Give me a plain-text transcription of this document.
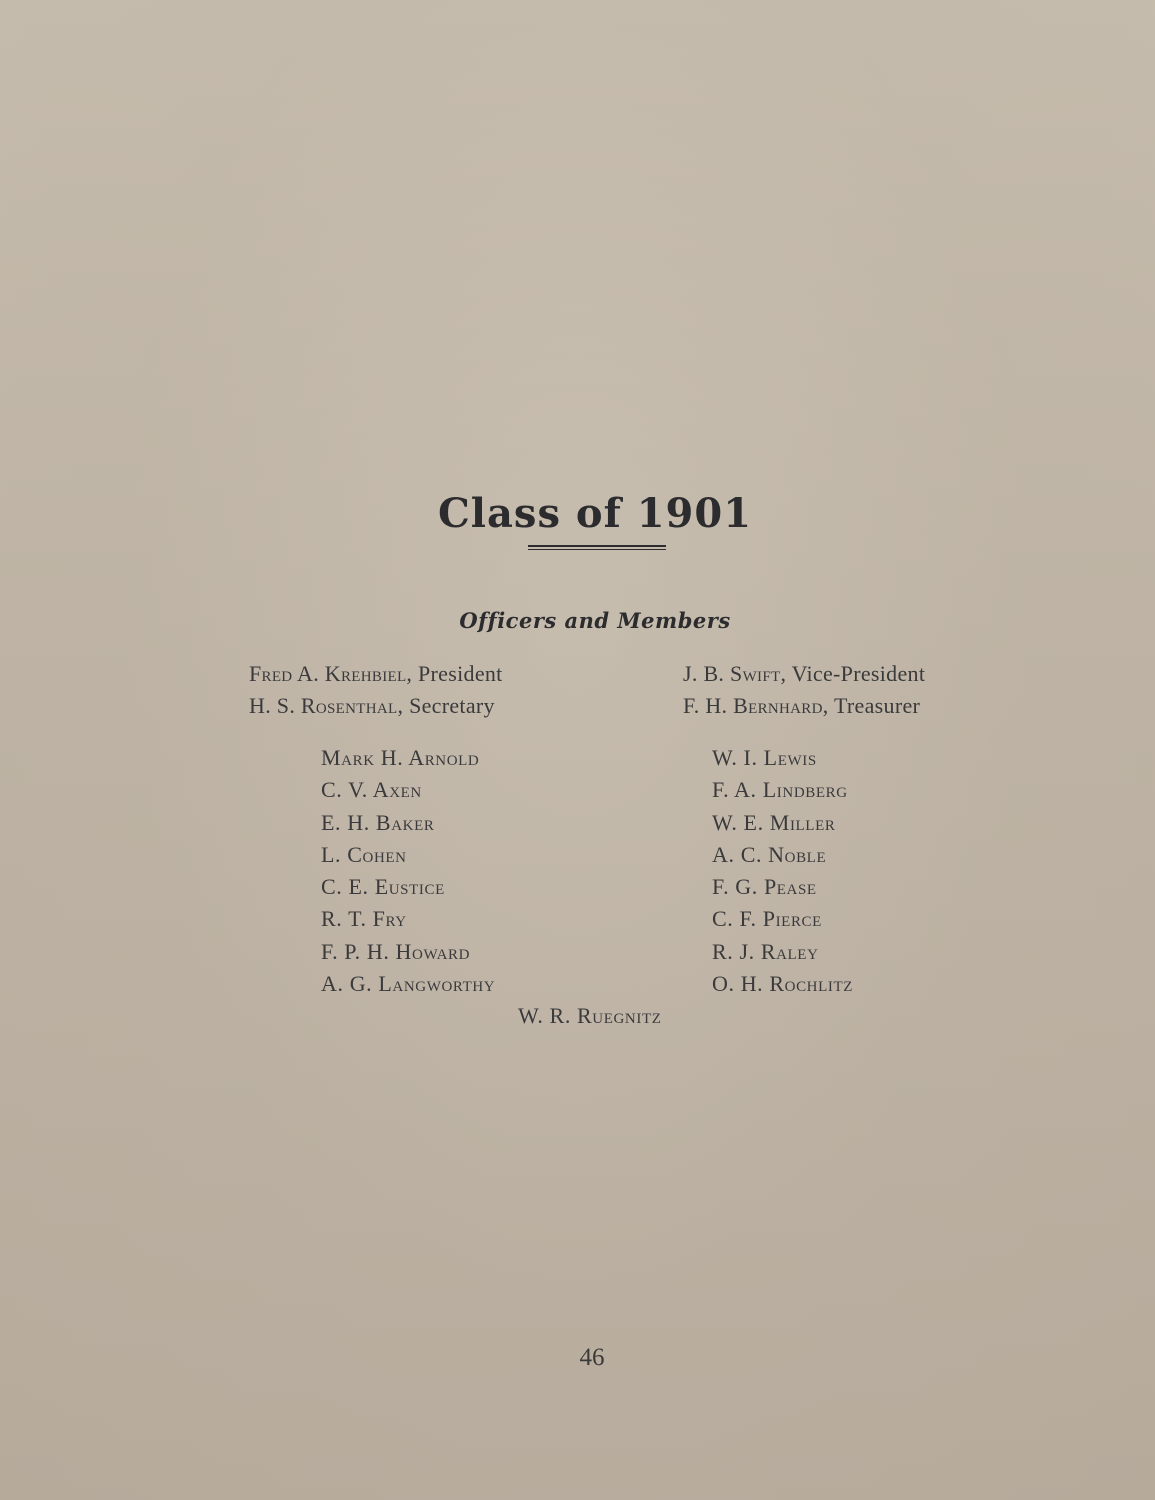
Class of 1901
Officers and Members
Fred A. Krehbiel, President
H. S. Rosenthal, Secretary
J. B. Swift, Vice-President
F. H. Bernhard, Treasurer
Mark H. Arnold
C. V. Axen
E. H. Baker
L. Cohen
C. E. Eustice
R. T. Fry
F. P. H. Howard
A. G. Langworthy
W. I. Lewis
F. A. Lindberg
W. E. Miller
A. C. Noble
F. G. Pease
C. F. Pierce
R. J. Raley
O. H. Rochlitz
W. R. Ruegnitz
46
